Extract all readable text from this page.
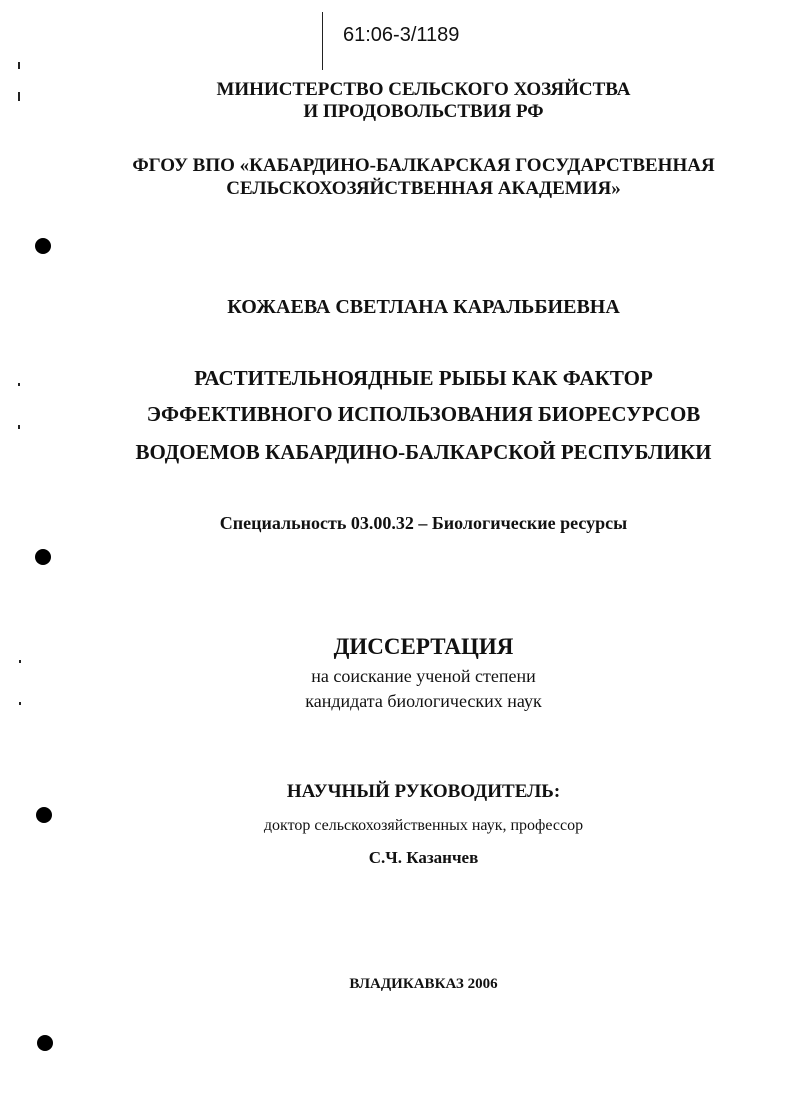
61:06-3/1189
МИНИСТЕРСТВО СЕЛЬСКОГО ХОЗЯЙСТВА
И ПРОДОВОЛЬСТВИЯ РФ
ФГОУ ВПО «КАБАРДИНО-БАЛКАРСКАЯ ГОСУДАРСТВЕННАЯ
СЕЛЬСКОХОЗЯЙСТВЕННАЯ АКАДЕМИЯ»
КОЖАЕВА СВЕТЛАНА КАРАЛЬБИЕВНА
РАСТИТЕЛЬНОЯДНЫЕ РЫБЫ КАК ФАКТОР
ЭФФЕКТИВНОГО ИСПОЛЬЗОВАНИЯ БИОРЕСУРСОВ
ВОДОЕМОВ КАБАРДИНО-БАЛКАРСКОЙ РЕСПУБЛИКИ
Специальность 03.00.32 – Биологические ресурсы
ДИССЕРТАЦИЯ
на соискание ученой степени
кандидата биологических наук
НАУЧНЫЙ РУКОВОДИТЕЛЬ:
доктор сельскохозяйственных наук, профессор
С.Ч. Казанчев
ВЛАДИКАВКАЗ 2006
